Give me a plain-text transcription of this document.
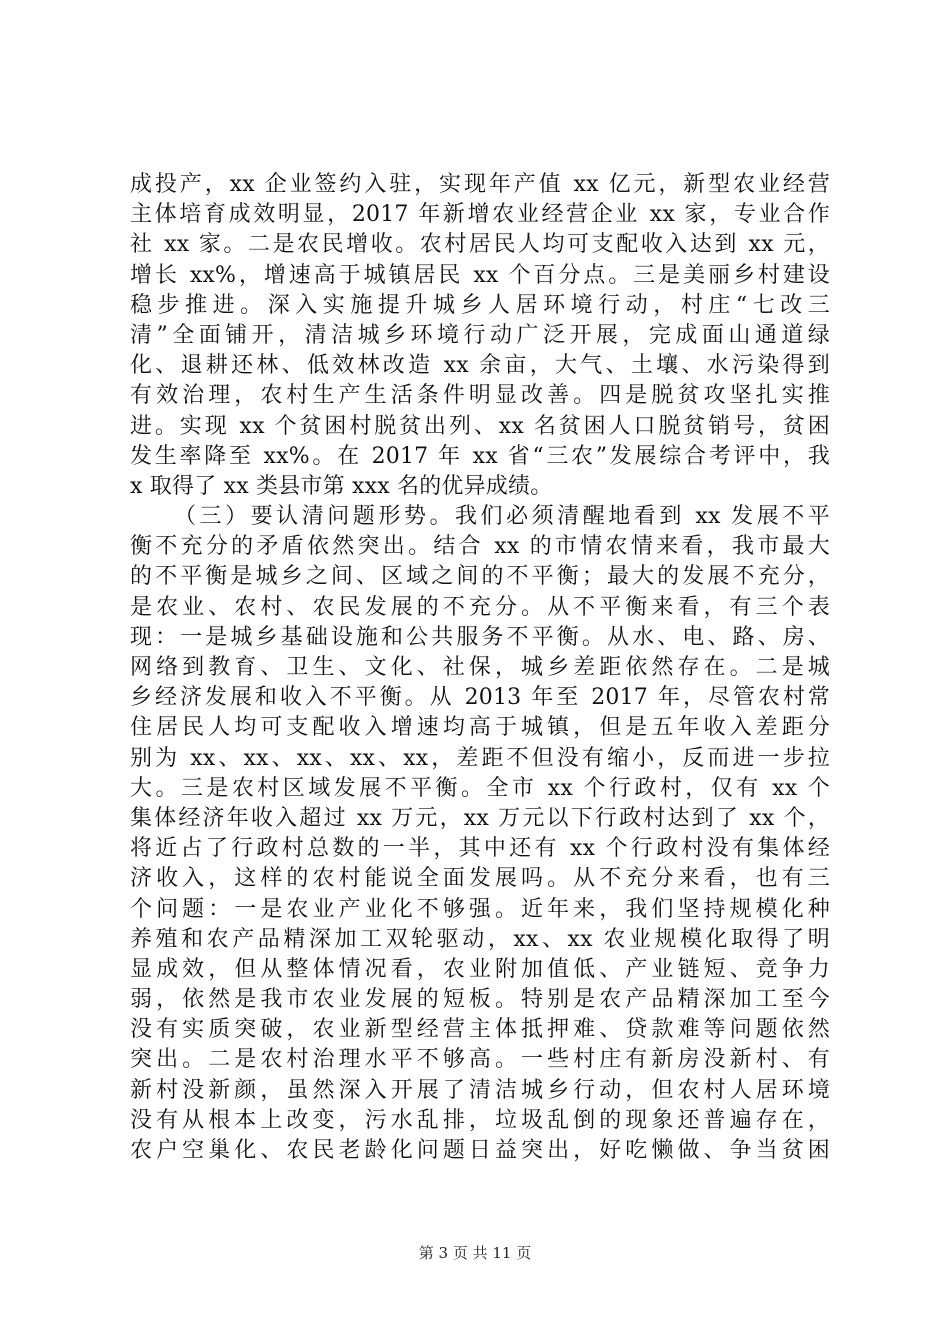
成投产，xx 企业签约入驻，实现年产值 xx 亿元，新型农业经营
主体培育成效明显，2017 年新增农业经营企业 xx 家，专业合作
社 xx 家。二是农民增收。农村居民人均可支配收入达到 xx 元，
增长 xx%，增速高于城镇居民 xx 个百分点。三是美丽乡村建设
稳步推进。深入实施提升城乡人居环境行动，村庄“七改三
清”全面铺开，清洁城乡环境行动广泛开展，完成面山通道绿
化、退耕还林、低效林改造 xx 余亩，大气、土壤、水污染得到
有效治理，农村生产生活条件明显改善。四是脱贫攻坚扎实推
进。实现 xx 个贫困村脱贫出列、xx 名贫困人口脱贫销号，贫困
发生率降至 xx%。在 2017 年 xx 省“三农”发展综合考评中，我
x 取得了 xx 类县市第 xxx 名的优异成绩。
（三）要认清问题形势。我们必须清醒地看到 xx 发展不平
衡不充分的矛盾依然突出。结合 xx 的市情农情来看，我市最大
的不平衡是城乡之间、区域之间的不平衡；最大的发展不充分，
是农业、农村、农民发展的不充分。从不平衡来看，有三个表
现：一是城乡基础设施和公共服务不平衡。从水、电、路、房、
网络到教育、卫生、文化、社保，城乡差距依然存在。二是城
乡经济发展和收入不平衡。从 2013 年至 2017 年，尽管农村常
住居民人均可支配收入增速均高于城镇，但是五年收入差距分
别为 xx、xx、xx、xx、xx，差距不但没有缩小，反而进一步拉
大。三是农村区域发展不平衡。全市 xx 个行政村，仅有 xx 个
集体经济年收入超过 xx 万元，xx 万元以下行政村达到了 xx 个，
将近占了行政村总数的一半，其中还有 xx 个行政村没有集体经
济收入，这样的农村能说全面发展吗。从不充分来看，也有三
个问题：一是农业产业化不够强。近年来，我们坚持规模化种
养殖和农产品精深加工双轮驱动，xx、xx 农业规模化取得了明
显成效，但从整体情况看，农业附加值低、产业链短、竞争力
弱，依然是我市农业发展的短板。特别是农产品精深加工至今
没有实质突破，农业新型经营主体抵押难、贷款难等问题依然
突出。二是农村治理水平不够高。一些村庄有新房没新村、有
新村没新颜，虽然深入开展了清洁城乡行动，但农村人居环境
没有从根本上改变，污水乱排，垃圾乱倒的现象还普遍存在，
农户空巢化、农民老龄化问题日益突出，好吃懒做、争当贫困
第 3 页 共 11 页
